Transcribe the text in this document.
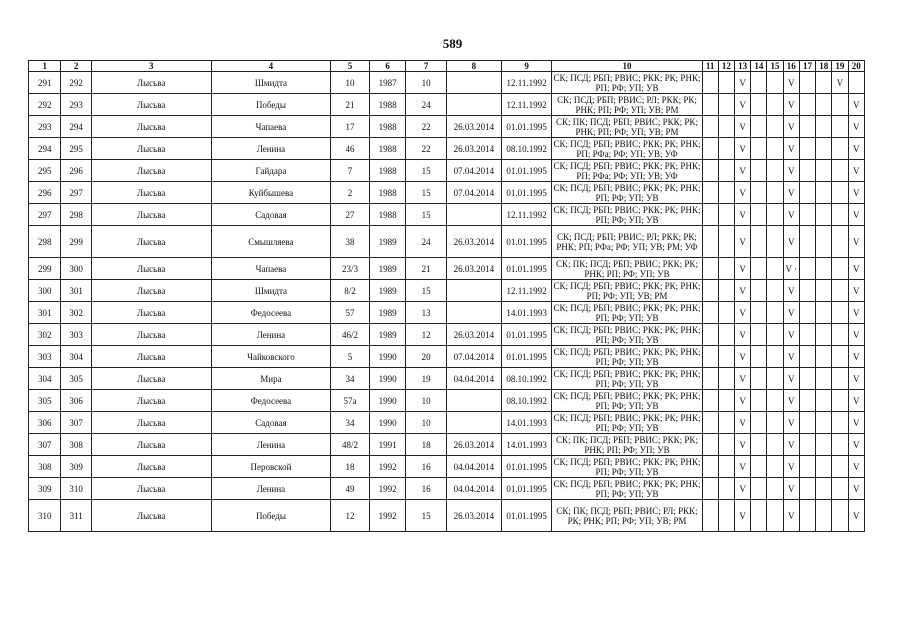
589
1	2	3	4	5	6	7	8	9	10	11	12	13	14	15	16	17	18	19	20
291	292	Лысьва	Шмидта	10	1987	10		12.11.1992	СК; ПСД; РБП; РВИС; РКК; РК; РНК; РП; РФ; УП; УВ			V			V			V	
292	293	Лысьва	Победы	21	1988	24		12.11.1992	СК; ПСД; РБП; РВИС; РЛ; РКК; РК; РНК; РП; РФ; УП; УВ; РМ			V			V				V
293	294	Лысьва	Чапаева	17	1988	22	26.03.2014	01.01.1995	СК; ПК; ПСД; РБП; РВИС; РКК; РК; РНК; РП; РФ; УП; УВ; РМ			V			V				V
294	295	Лысьва	Ленина	46	1988	22	26.03.2014	08.10.1992	СК; ПСД; РБП; РВИС; РКК; РК; РНК; РП; РФа; РФ; УП; УВ; УФ			V			V				V
295	296	Лысьва	Гайдара	7	1988	15	07.04.2014	01.01.1995	СК; ПСД; РБП; РВИС; РКК; РК; РНК; РП; РФа; РФ; УП; УВ; УФ			V			V				V
296	297	Лысьва	Куйбышева	2	1988	15	07.04.2014	01.01.1995	СК; ПСД; РБП; РВИС; РКК; РК; РНК; РП; РФ; УП; УВ			V			V				V
297	298	Лысьва	Садовая	27	1988	15		12.11.1992	СК; ПСД; РБП; РВИС; РКК; РК; РНК; РП; РФ; УП; УВ			V			V				V
298	299	Лысьва	Смышляева	38	1989	24	26.03.2014	01.01.1995	СК; ПСД; РБП; РВИС; РЛ; РКК; РК; РНК; РП; РФа; РФ; УП; УВ; РМ; УФ			V			V				V
299	300	Лысьва	Чапаева	23/3	1989	21	26.03.2014	01.01.1995	СК; ПК; ПСД; РБП; РВИС; РКК; РК; РНК; РП; РФ; УП; УВ			V			V ·				V
300	301	Лысьва	Шмидта	8/2	1989	15		12.11.1992	СК; ПСД; РБП; РВИС; РКК; РК; РНК; РП; РФ; УП; УВ; РМ			V			V				V
301	302	Лысьва	Федосеева	57	1989	13		14.01.1993	СК; ПСД; РБП; РВИС; РКК; РК; РНК; РП; РФ; УП; УВ			V			V				V
302	303	Лысьва	Ленина	46/2	1989	12	26.03.2014	01.01.1995	СК; ПСД; РБП; РВИС; РКК; РК; РНК; РП; РФ; УП; УВ			V			V				V
303	304	Лысьва	Чайковского	5	1990	20	07.04.2014	01.01.1995	СК; ПСД; РБП; РВИС; РКК; РК; РНК; РП; РФ; УП; УВ			V			V				V
304	305	Лысьва	Мира	34	1990	19	04.04.2014	08.10.1992	СК; ПСД; РБП; РВИС; РКК; РК; РНК; РП; РФ; УП; УВ			V			V				V
305	306	Лысьва	Федосеева	57а	1990	10		08.10.1992	СК; ПСД; РБП; РВИС; РКК; РК; РНК; РП; РФ; УП; УВ			V			V				V
306	307	Лысьва	Садовая	34	1990	10		14.01.1993	СК; ПСД; РБП; РВИС; РКК; РК; РНК; РП; РФ; УП; УВ			V			V				V
307	308	Лысьва	Ленина	48/2	1991	18	26.03.2014	14.01.1993	СК; ПК; ПСД; РБП; РВИС; РКК; РК; РНК; РП; РФ; УП; УВ			V			V				V
308	309	Лысьва	Перовской	18	1992	16	04.04.2014	01.01.1995	СК; ПСД; РБП; РВИС; РКК; РК; РНК; РП; РФ; УП; УВ			V			V				V
309	310	Лысьва	Ленина	49	1992	16	04.04.2014	01.01.1995	СК; ПСД; РБП; РВИС; РКК; РК; РНК; РП; РФ; УП; УВ			V			V				V
310	311	Лысьва	Победы	12	1992	15	26.03.2014	01.01.1995	СК; ПК; ПСД; РБП; РВИС; РЛ; РКК; РК; РНК; РП; РФ; УП; УВ; РМ			V			V				V
